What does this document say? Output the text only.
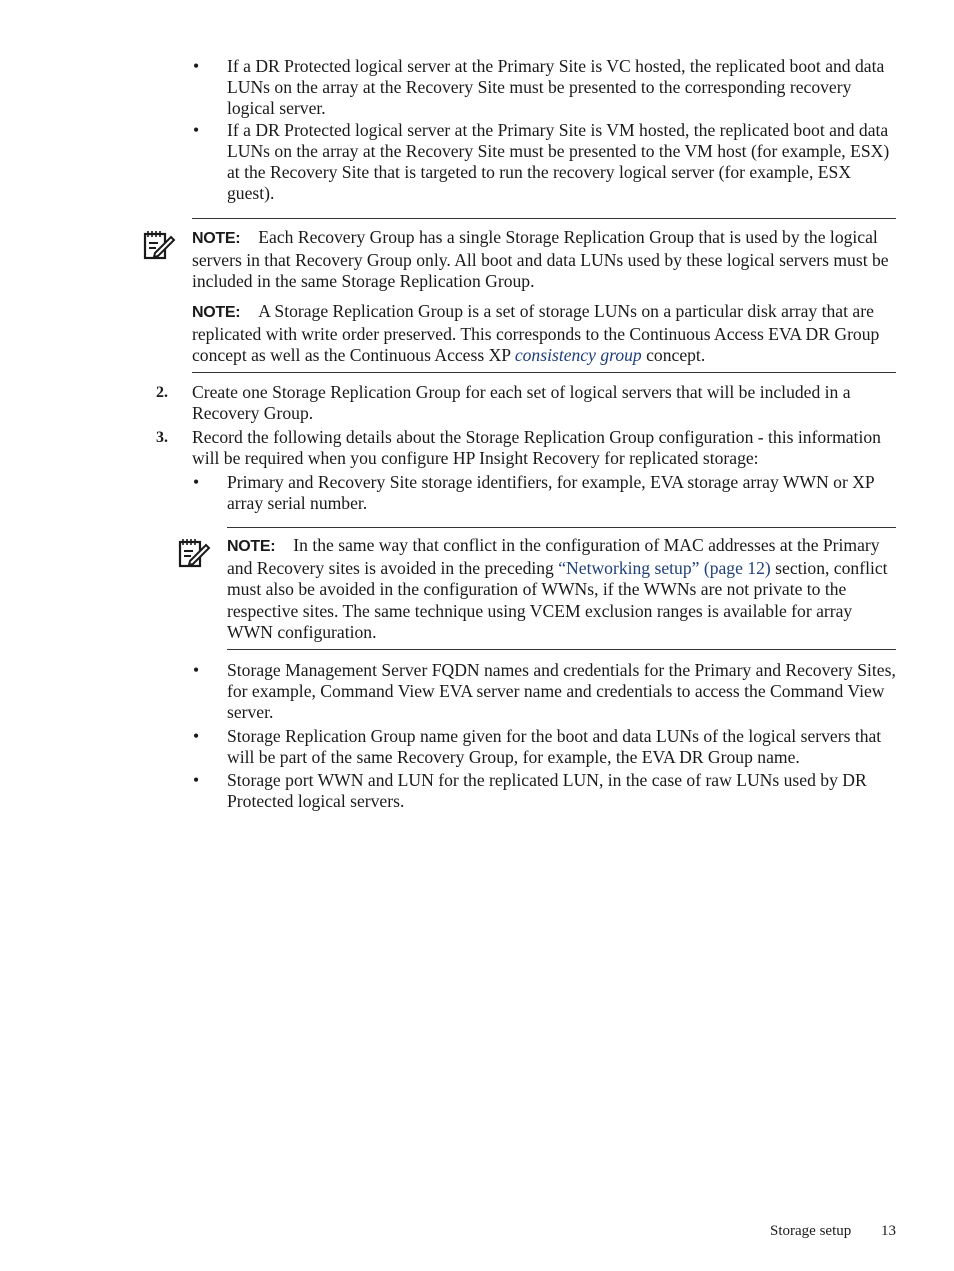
• If a DR Protected logical server at the Primary Site is VC hosted, the replicated boot and data LUNs on the array at the Recovery Site must be presented to the corresponding recovery logical server.

• If a DR Protected logical server at the Primary Site is VM hosted, the replicated boot and data LUNs on the array at the Recovery Site must be presented to the VM host (for example, ESX) at the Recovery Site that is targeted to run the recovery logical server (for example, ESX guest).

NOTE: Each Recovery Group has a single Storage Replication Group that is used by the logical servers in that Recovery Group only. All boot and data LUNs used by these logical servers must be included in the same Storage Replication Group.

NOTE: A Storage Replication Group is a set of storage LUNs on a particular disk array that are replicated with write order preserved. This corresponds to the Continuous Access EVA DR Group concept as well as the Continuous Access XP consistency group concept.

2. Create one Storage Replication Group for each set of logical servers that will be included in a Recovery Group.

3. Record the following details about the Storage Replication Group configuration - this information will be required when you configure HP Insight Recovery for replicated storage:

• Primary and Recovery Site storage identifiers, for example, EVA storage array WWN or XP array serial number.

NOTE: In the same way that conflict in the configuration of MAC addresses at the Primary and Recovery sites is avoided in the preceding “Networking setup” (page 12) section, conflict must also be avoided in the configuration of WWNs, if the WWNs are not private to the respective sites. The same technique using VCEM exclusion ranges is available for array WWN configuration.

• Storage Management Server FQDN names and credentials for the Primary and Recovery Sites, for example, Command View EVA server name and credentials to access the Command View server.

• Storage Replication Group name given for the boot and data LUNs of the logical servers that will be part of the same Recovery Group, for example, the EVA DR Group name.

• Storage port WWN and LUN for the replicated LUN, in the case of raw LUNs used by DR Protected logical servers.

Storage setup 13
